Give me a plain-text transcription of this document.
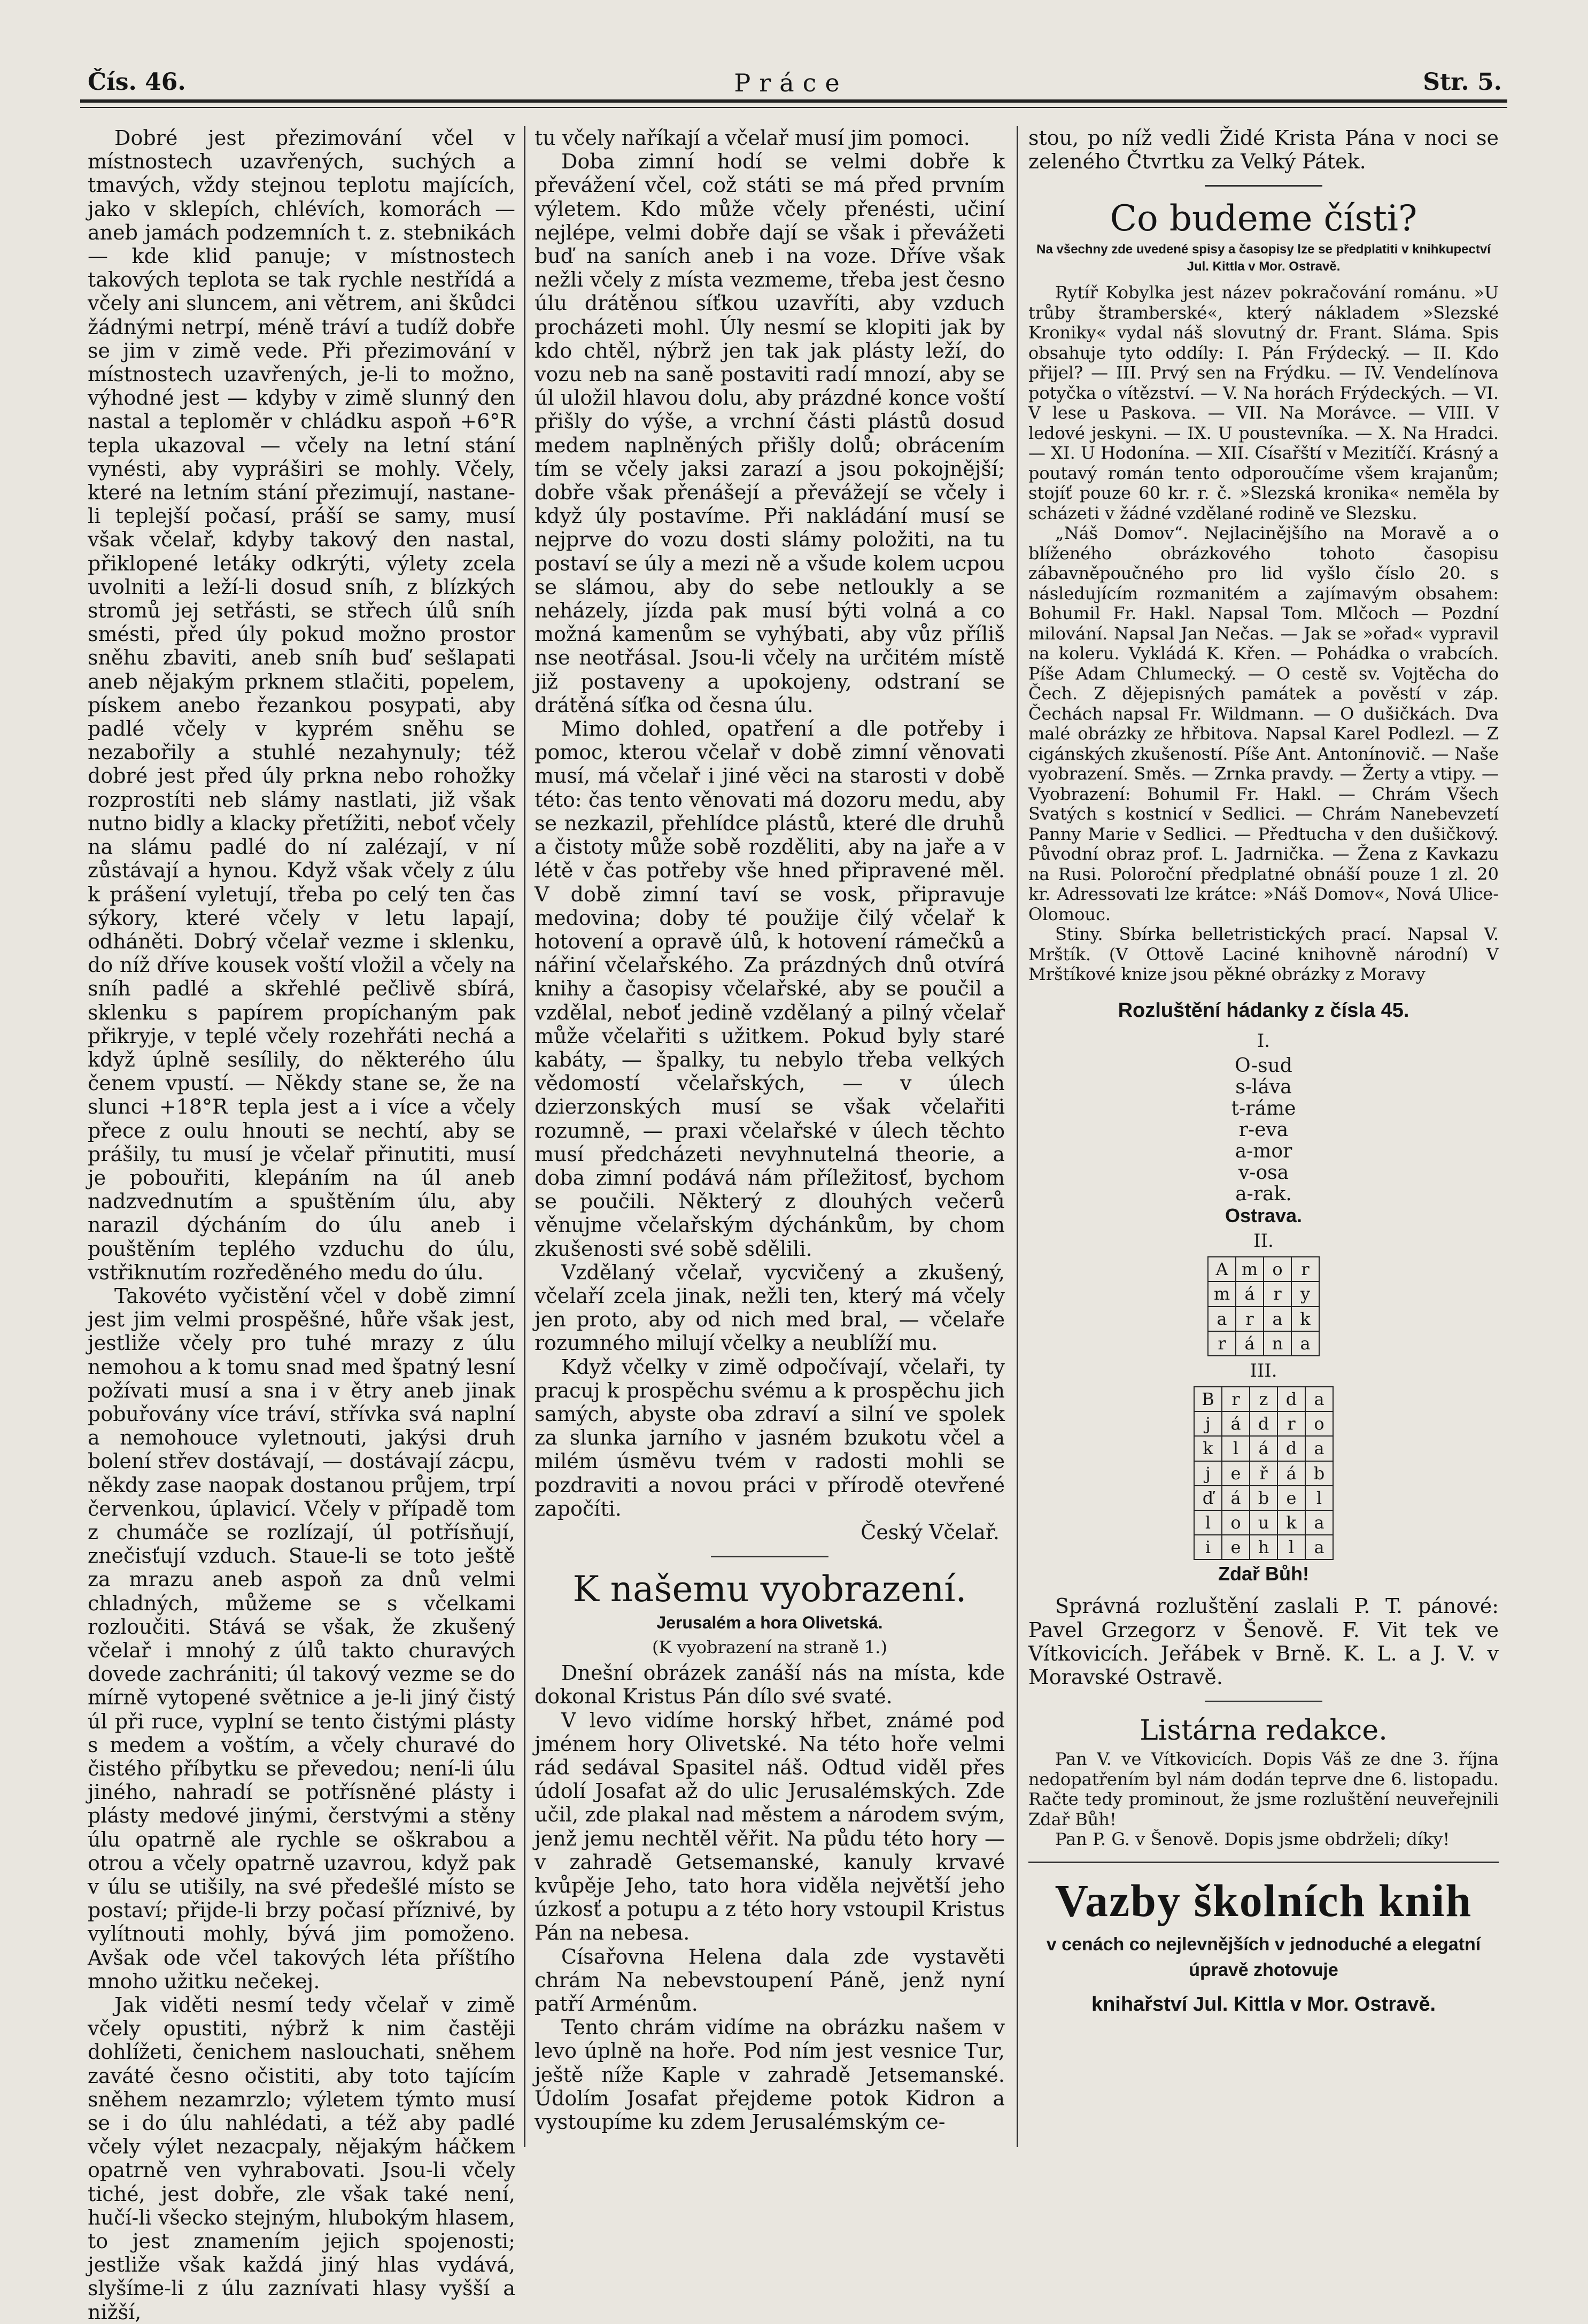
Čís. 46.	Práce	Str. 5.

Dobré jest přezimování včel v místnostech uzavřených, suchých a tmavých, vždy stejnou teplotu majících, jako v sklepích, chlévích, komorách — aneb jamách podzemních t. z. stebnikách — kde klid panuje; v místnostech takových teplota se tak rychle nestřídá a včely ani sluncem, ani větrem, ani škůdci žádnými netrpí, méně tráví a tudíž dobře se jim v zimě vede. Při přezimování v místnostech uzavřených, je-li to možno, výhodné jest — kdyby v zimě slunný den nastal a teploměr v chládku aspoň +6°R tepla ukazoval — včely na letní stání vynésti, aby vypráširi se mohly. Včely, které na letním stání přezimují, nastane-li teplejší počasí, práší se samy, musí však včelař, kdyby takový den nastal, přiklopené letáky odkrýti, výlety zcela uvolniti a leží-li dosud sníh, z blízkých stromů jej setřásti, se střech úlů sníh smésti, před úly pokud možno prostor sněhu zbaviti, aneb sníh buď sešlapati aneb nějakým prknem stlačiti, popelem, pískem anebo řezankou posypati, aby padlé včely v kyprém sněhu se nezabořily a stuhlé nezahynuly; též dobré jest před úly prkna nebo rohožky rozprostíti neb slámy nastlati, již však nutno bidly a klacky přetížiti, neboť včely na slámu padlé do ní zalézají, v ní zůstávají a hynou. Když však včely z úlu k prášení vyletují, třeba po celý ten čas sýkory, které včely v letu lapají, odháněti. Dobrý včelař vezme i sklenku, do níž dříve kousek voští vložil a včely na sníh padlé a skřehlé pečlivě sbírá, sklenku s papírem propíchaným pak přikryje, v teplé včely rozehřáti nechá a když úplně sesílily, do některého úlu čenem vpustí. — Někdy stane se, že na slunci +18°R tepla jest a i více a včely přece z oulu hnouti se nechtí, aby se prášily, tu musí je včelař přinutiti, musí je pobouřiti, klepáním na úl aneb nadzvednutím a spuštěním úlu, aby narazil dýcháním do úlu aneb i pouštěním teplého vzduchu do úlu, vstřiknutím rozředěného medu do úlu.

Takovéto vyčistění včel v době zimní jest jim velmi prospěšné, hůře však jest, jestliže včely pro tuhé mrazy z úlu nemohou a k tomu snad med špatný lesní požívati musí a sna i v ětry aneb jinak pobuřovány více tráví, střívka svá naplní a nemohouce vyletnouti, jakýsi druh bolení střev dostávají, — dostávají zácpu, někdy zase naopak dostanou průjem, trpí červenkou, úplavicí. Včely v případě tom z chumáče se rozlízají, úl potřísňují, znečisťují vzduch. Staue-li se toto ještě za mrazu aneb aspoň za dnů velmi chladných, můžeme se s včelkami rozloučiti. Stává se však, že zkušený včelař i mnohý z úlů takto churavých dovede zachrániti; úl takový vezme se do mírně vytopené světnice a je-li jiný čistý úl při ruce, vyplní se tento čistými plásty s medem a voštím, a včely churavé do čistého příbytku se převedou; není-li úlu jiného, nahradí se potřísněné plásty i plásty medové jinými, čerstvými a stěny úlu opatrně ale rychle se oškrabou a otrou a včely opatrně uzavrou, když pak v úlu se utišily, na své předešlé místo se postaví; přijde-li brzy počasí příznivé, by vylítnouti mohly, bývá jim pomoženo. Avšak ode včel takových léta příštího mnoho užitku nečekej.

Jak viděti nesmí tedy včelař v zimě včely opustiti, nýbrž k nim častěji dohlížeti, čenichem naslouchati, sněhem zaváté česno očistiti, aby toto tajícím sněhem nezamrzlo; výletem týmto musí se i do úlu nahlédati, a též aby padlé včely výlet nezacpaly, nějakým háčkem opatrně ven vyhrabovati. Jsou-li včely tiché, jest dobře, zle však také není, hučí-li všecko stejným, hlubokým hlasem, to jest znamením jejich spojenosti; jestliže však každá jiný hlas vydává, slyšíme-li z úlu zaznívati hlasy vyšší a nižší,

tu včely naříkají a včelař musí jim pomoci.

Doba zimní hodí se velmi dobře k převážení včel, což státi se má před prvním výletem. Kdo může včely přenésti, učiní nejlépe, velmi dobře dají se však i převážeti buď na saních aneb i na voze. Dříve však nežli včely z místa vezmeme, třeba jest česno úlu drátěnou síťkou uzavříti, aby vzduch procházeti mohl. Úly nesmí se klopiti jak by kdo chtěl, nýbrž jen tak jak plásty leží, do vozu neb na saně postaviti radí mnozí, aby se úl uložil hlavou dolu, aby prázdné konce voští přišly do výše, a vrchní části plástů dosud medem naplněných přišly dolů; obrácením tím se včely jaksi zarazí a jsou pokojnější; dobře však přenášejí a převážejí se včely i když úly postavíme. Při nakládání musí se nejprve do vozu dosti slámy položiti, na tu postaví se úly a mezi ně a všude kolem ucpou se slámou, aby do sebe netloukly a se neházely, jízda pak musí býti volná a co možná kamenům se vyhýbati, aby vůz příliš nse neotřásal. Jsou-li včely na určitém místě již postaveny a upokojeny, odstraní se drátěná síťka od česna úlu.

Mimo dohled, opatření a dle potřeby i pomoc, kterou včelař v době zimní věnovati musí, má včelař i jiné věci na starosti v době této: čas tento věnovati má dozoru medu, aby se nezkazil, přehlídce plástů, které dle druhů a čistoty může sobě rozděliti, aby na jaře a v létě v čas potřeby vše hned připravené měl. V době zimní taví se vosk, připravuje medovina; doby té použije čilý včelař k hotovení a opravě úlů, k hotovení rámečků a nářiní včelařského. Za prázdných dnů otvírá knihy a časopisy včelařské, aby se poučil a vzdělal, neboť jedině vzdělaný a pilný včelař může včelařiti s užitkem. Pokud byly staré kabáty, — špalky, tu nebylo třeba velkých vědomostí včelařských, — v úlech dzierzonských musí se však včelařiti rozumně, — praxi včelařské v úlech těchto musí předcházeti nevyhnutelná theorie, a doba zimní podává nám příležitosť, bychom se poučili. Některý z dlouhých večerů věnujme včelařským dýchánkům, by chom zkušenosti své sobě sdělili.

Vzdělaný včelař, vycvičený a zkušený, včelaří zcela jinak, nežli ten, který má včely jen proto, aby od nich med bral, — včelaře rozumného milují včelky a neublíží mu.

Když včelky v zimě odpočívají, včelaři, ty pracuj k prospěchu svému a k prospěchu jich samých, abyste oba zdraví a silní ve spolek za slunka jarního v jasném bzukotu včel a milém úsměvu tvém v radosti mohli se pozdraviti a novou práci v přírodě otevřené započíti.

Český Včelař.

K našemu vyobrazení.
Jerusalém a hora Olivetská.
(K vyobrazení na straně 1.)

Dnešní obrázek zanáší nás na místa, kde dokonal Kristus Pán dílo své svaté.

V levo vidíme horský hřbet, známé pod jménem hory Olivetské. Na této hoře velmi rád sedával Spasitel náš. Odtud viděl přes údolí Josafat až do ulic Jerusalémských. Zde učil, zde plakal nad městem a národem svým, jenž jemu nechtěl věřit. Na půdu této hory — v zahradě Getsemanské, kanuly krvavé kvůpěje Jeho, tato hora viděla největší jeho úzkosť a potupu a z této hory vstoupil Kristus Pán na nebesa.

Císařovna Helena dala zde vystavěti chrám Na nebevstoupení Páně, jenž nyní patří Arménům.

Tento chrám vidíme na obrázku našem v levo úplně na hoře. Pod ním jest vesnice Tur, ještě níže Kaple v zahradě Jetsemanské. Údolím Josafat přejdeme potok Kidron a vystoupíme ku zdem Jerusalémským ce-

stou, po níž vedli Židé Krista Pána v noci se zeleného Čtvrtku za Velký Pátek.

Co budeme čísti?
Na všechny zde uvedené spisy a časopisy lze se předplatiti v knihkupectví Jul. Kittla v Mor. Ostravě.

Rytíř Kobylka jest název pokračování románu. »U trůby štramberské«, který nákladem »Slezské Kroniky« vydal náš slovutný dr. Frant. Sláma. Spis obsahuje tyto oddíly: I. Pán Frýdecký. — II. Kdo přijel? — III. Prvý sen na Frýdku. — IV. Vendelínova potyčka o vítězství. — V. Na horách Frýdeckých. — VI. V lese u Paskova. — VII. Na Morávce. — VIII. V ledové jeskyni. — IX. U poustevníka. — X. Na Hradci. — XI. U Hodonína. — XII. Císařští v Mezitíčí. Krásný a poutavý román tento odporoučíme všem krajanům; stojíť pouze 60 kr. r. č. »Slezská kronika« neměla by scházeti v žádné vzdělané rodině ve Slezsku.

„Náš Domov“. Nejlacinějšího na Moravě a o blíženého obrázkového tohoto časopisu zábavněpoučného pro lid vyšlo číslo 20. s následujícím rozmanitém a zajímavým obsahem: Bohumil Fr. Hakl. Napsal Tom. Mlčoch — Pozdní milování. Napsal Jan Nečas. — Jak se »ořad« vypravil na koleru. Vykládá K. Křen. — Pohádka o vrabcích. Píše Adam Chlumecký. — O cestě sv. Vojtěcha do Čech. Z dějepisných památek a pověstí v záp. Čechách napsal Fr. Wildmann. — O dušičkách. Dva malé obrázky ze hřbitova. Napsal Karel Podlezl. — Z cigánských zkušeností. Píše Ant. Antonínovič. — Naše vyobrazení. Směs. — Zrnka pravdy. — Žerty a vtipy. — Vyobrazení: Bohumil Fr. Hakl. — Chrám Všech Svatých s kostnicí v Sedlici. — Chrám Nanebevzetí Panny Marie v Sedlici. — Předtucha v den dušičkový. Původní obraz prof. L. Jadrnička. — Žena z Kavkazu na Rusi. Poloroční předplatné obnáší pouze 1 zl. 20 kr. Adressovati lze krátce: »Náš Domov«, Nová Ulice-Olomouc.

Stiny. Sbírka belletristických prací. Napsal V. Mrštík. (V Ottově Laciné knihovně národní) V Mrštíkové knize jsou pěkné obrázky z Moravy

Rozluštění hádanky z čísla 45.
I.

O-sud

s-láva

t-ráme

r-eva

a-mor

v-osa

a-rak.

Ostrava.

II.
A	m	o	r
m	á	r	y
a	r	a	k
r	á	n	a
III.
B	r	z	d	a
j	á	d	r	o
k	l	á	d	a
j	e	ř	á	b
ď	á	b	e	l
l	o	u	k	a
i	e	h	l	a

Zdař Bůh!

Správná rozluštění zaslali P. T. pánové: Pavel Grzegorz v Šenově. F. Vit tek ve Vítkovicích. Jeřábek v Brně. K. L. a J. V. v Moravské Ostravě.

Listárna redakce.

Pan V. ve Vítkovicích. Dopis Váš ze dne 3. října nedopatřením byl nám dodán teprve dne 6. listopadu. Račte tedy prominout, že jsme rozluštění neuveřejnili Zdař Bůh!

Pan P. G. v Šenově. Dopis jsme obdrželi; díky!

Vazby školních knih

v cenách co nejlevnějších v jednoduché a elegatní úpravě zhotovuje

knihařství Jul. Kittla v Mor. Ostravě.
